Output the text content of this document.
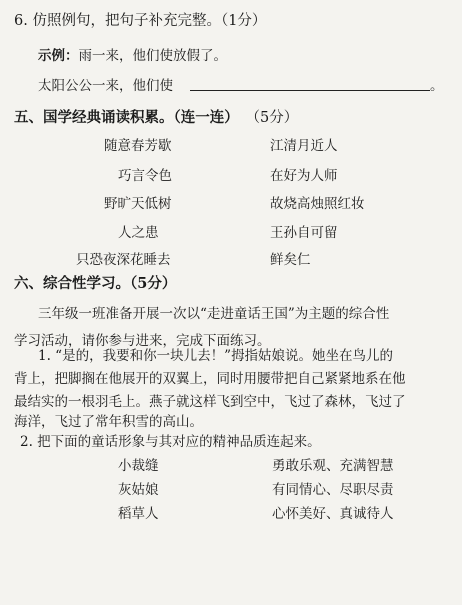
6. 仿照例句，把句子补充完整。（1分）
示例：雨一来，他们使放假了。
太阳公公一来，他们使	。
五、国学经典诵读积累。（连一连） （5分）
随意春芳歇	江清月近人
巧言令色	在好为人师
野旷天低树	故烧高烛照红妆
人之患	王孙自可留
只恐夜深花睡去	鲜矣仁
六、综合性学习。（5分）
三年级一班准备开展一次以“走进童话王国”为主题的综合性
学习活动，请你参与进来，完成下面练习。
1. “是的，我要和你一块儿去！”拇指姑娘说。她坐在鸟儿的
背上，把脚搁在他展开的双翼上，同时用腰带把自己紧紧地系在他
最结实的一根羽毛上。燕子就这样飞到空中，飞过了森林，飞过了
海洋，飞过了常年积雪的高山。
2. 把下面的童话形象与其对应的精神品质连起来。
小裁缝	勇敢乐观、充满智慧
灰姑娘	有同情心、尽职尽责
稻草人	心怀美好、真诚待人
